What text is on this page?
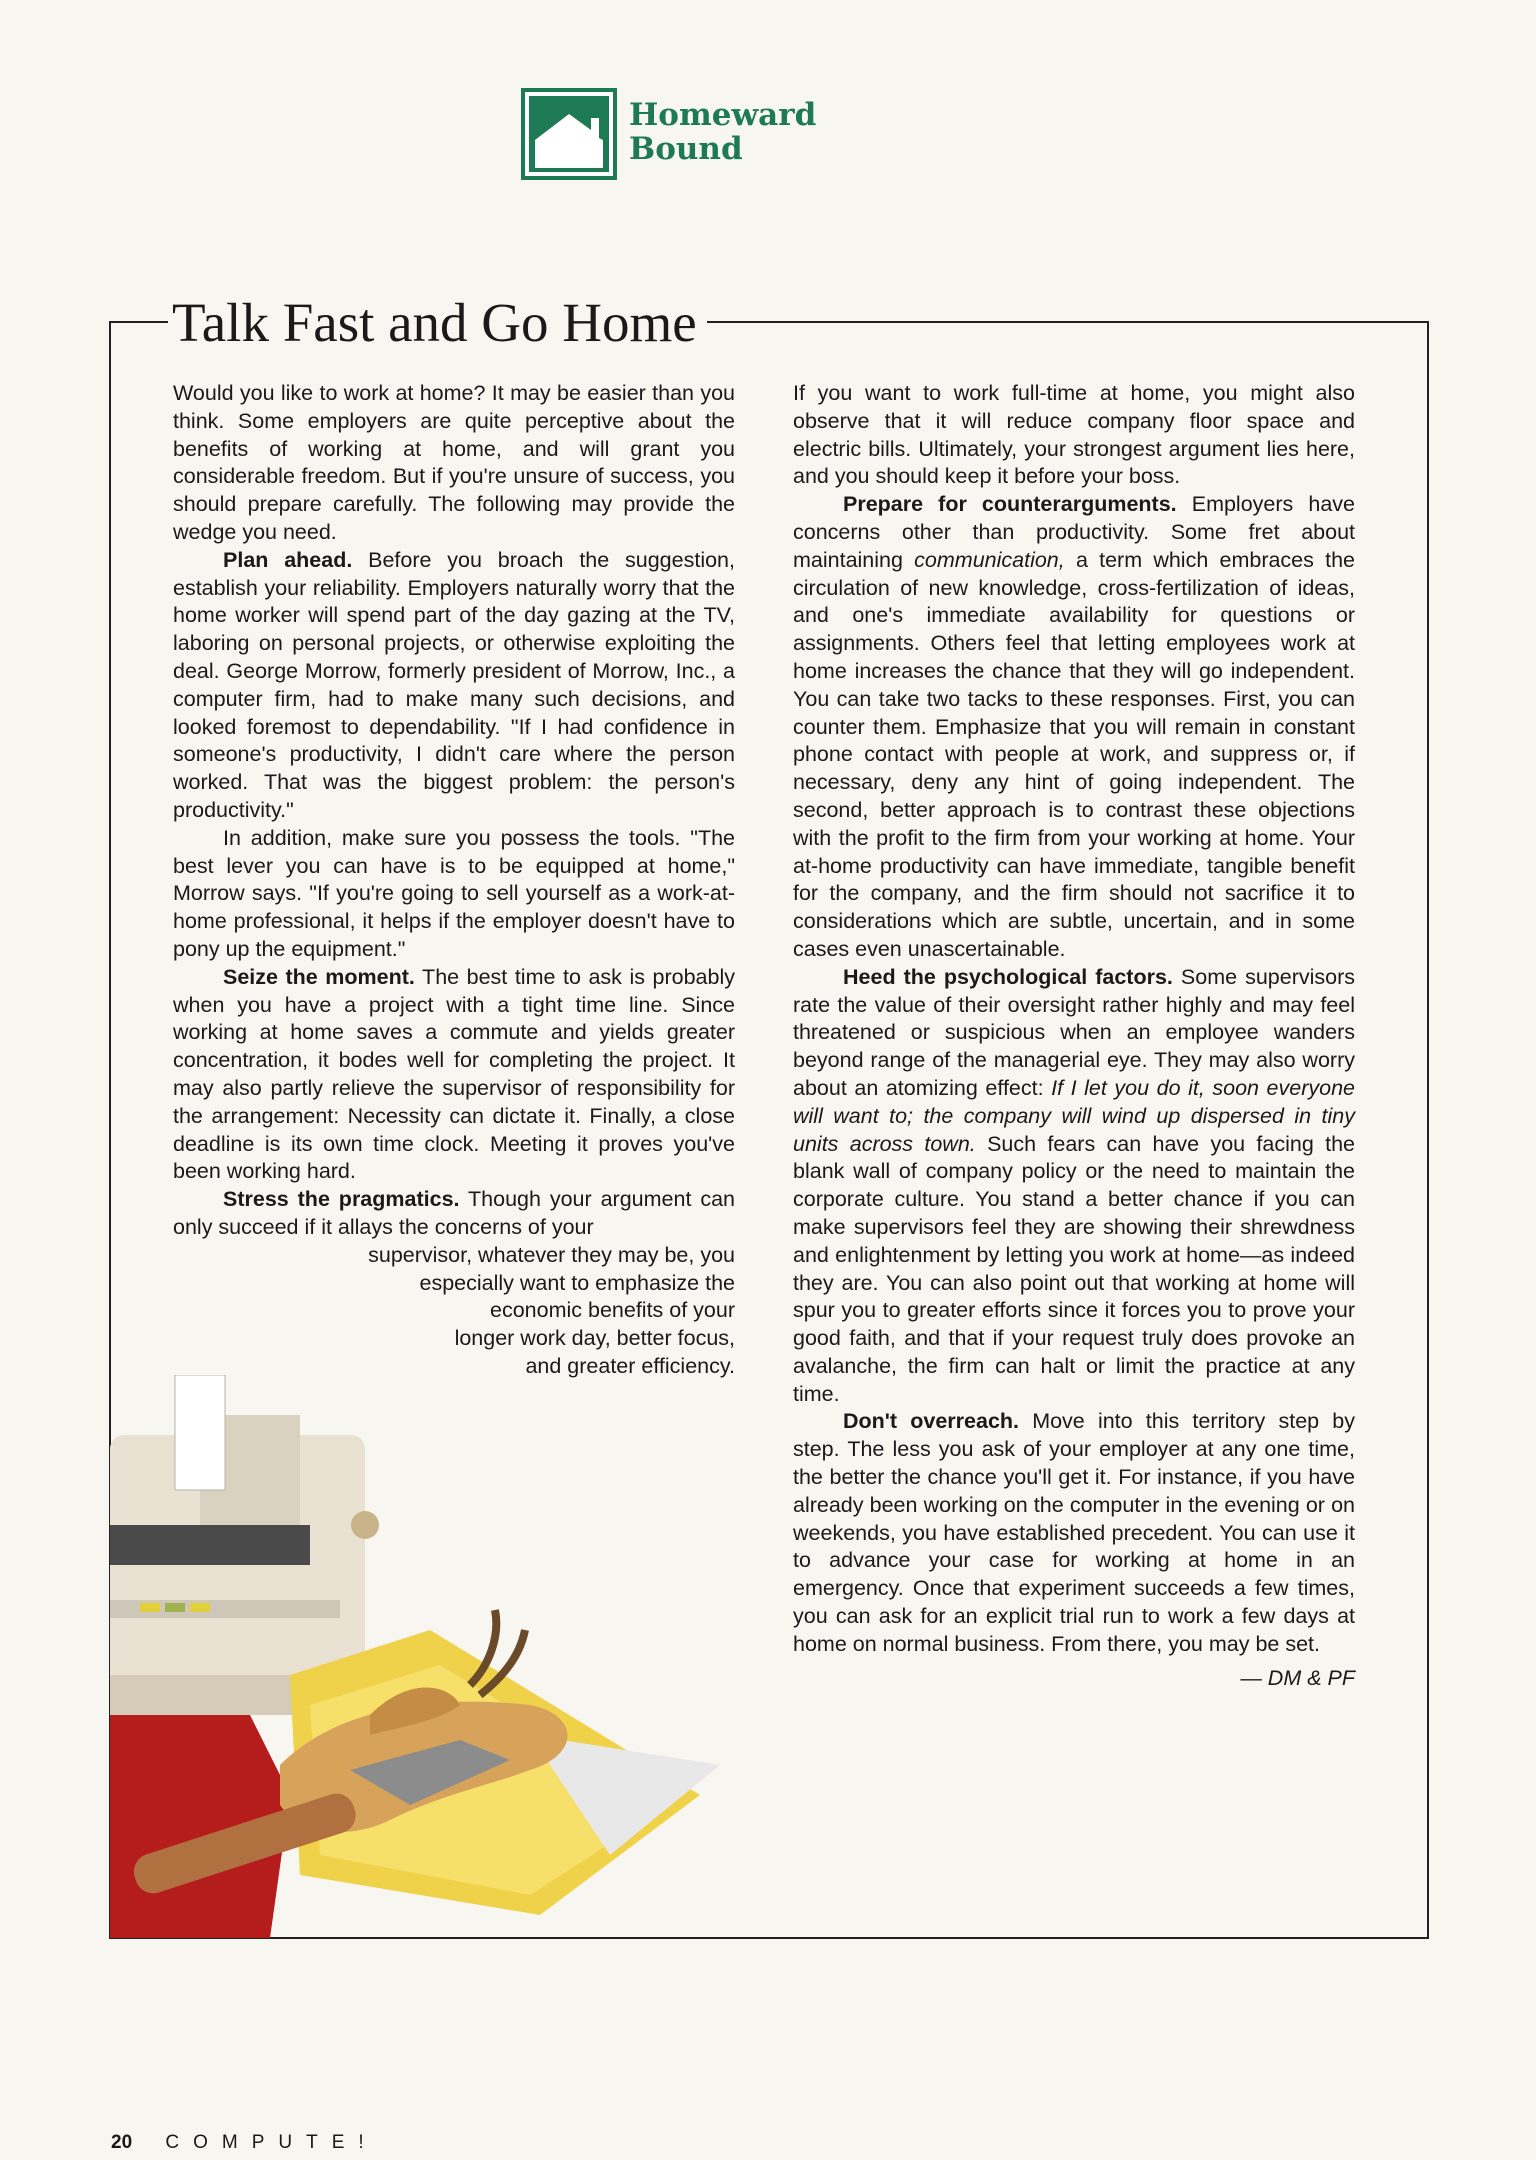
Homeward
Bound
Talk Fast and Go Home

Would you like to work at home? It may be easier than you think. Some employers are quite perceptive about the benefits of working at home, and will grant you considerable freedom. But if you're unsure of success, you should prepare carefully. The following may provide the wedge you need.

Plan ahead. Before you broach the suggestion, establish your reliability. Employers naturally worry that the home worker will spend part of the day gazing at the TV, laboring on personal projects, or otherwise exploiting the deal. George Morrow, formerly president of Morrow, Inc., a computer firm, had to make many such decisions, and looked foremost to dependability. "If I had confidence in someone's productivity, I didn't care where the person worked. That was the biggest problem: the person's productivity."

In addition, make sure you possess the tools. "The best lever you can have is to be equipped at home," Morrow says. "If you're going to sell yourself as a work-at-home professional, it helps if the employer doesn't have to pony up the equipment."

Seize the moment. The best time to ask is probably when you have a project with a tight time line. Since working at home saves a commute and yields greater concentration, it bodes well for completing the project. It may also partly relieve the supervisor of responsibility for the arrangement: Necessity can dictate it. Finally, a close deadline is its own time clock. Meeting it proves you've been working hard.

Stress the pragmatics. Though your argument can only succeed if it allays the concerns of your

supervisor, whatever they may be, you
especially want to emphasize the
economic benefits of your
longer work day, better focus,
and greater efficiency.

If you want to work full-time at home, you might also observe that it will reduce company floor space and electric bills. Ultimately, your strongest argument lies here, and you should keep it before your boss.

Prepare for counterarguments. Employers have concerns other than productivity. Some fret about maintaining communication, a term which embraces the circulation of new knowledge, cross-fertilization of ideas, and one's immediate availability for questions or assignments. Others feel that letting employees work at home increases the chance that they will go independent. You can take two tacks to these responses. First, you can counter them. Emphasize that you will remain in constant phone contact with people at work, and suppress or, if necessary, deny any hint of going independent. The second, better approach is to contrast these objections with the profit to the firm from your working at home. Your at-home productivity can have immediate, tangible benefit for the company, and the firm should not sacrifice it to considerations which are subtle, uncertain, and in some cases even unascertainable.

Heed the psychological factors. Some supervisors rate the value of their oversight rather highly and may feel threatened or suspicious when an employee wanders beyond range of the managerial eye. They may also worry about an atomizing effect: If I let you do it, soon everyone will want to; the company will wind up dispersed in tiny units across town. Such fears can have you facing the blank wall of company policy or the need to maintain the corporate culture. You stand a better chance if you can make supervisors feel they are showing their shrewdness and enlightenment by letting you work at home—as indeed they are. You can also point out that working at home will spur you to greater efforts since it forces you to prove your good faith, and that if your request truly does provoke an avalanche, the firm can halt or limit the practice at any time.

Don't overreach. Move into this territory step by step. The less you ask of your employer at any one time, the better the chance you'll get it. For instance, if you have already been working on the computer in the evening or on weekends, you have established precedent. You can use it to advance your case for working at home in an emergency. Once that experiment succeeds a few times, you can ask for an explicit trial run to work a few days at home on normal business. From there, you may be set.

— DM & PF

20 COMPUTE!
